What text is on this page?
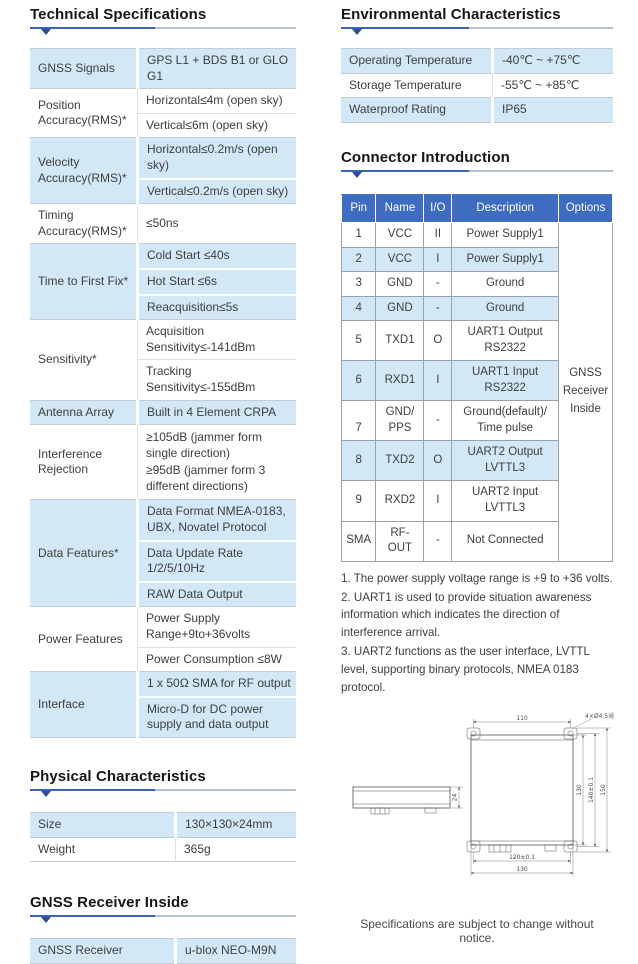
Technical Specifications
GNSS Signals	GPS L1 + BDS B1 or GLO G1
Position Accuracy(RMS)*	Horizontal≤4m (open sky)
	Vertical≤6m (open sky)
Velocity Accuracy(RMS)*	Horizontal≤0.2m/s (open sky)
	Vertical≤0.2m/s (open sky)
Timing Accuracy(RMS)*	≤50ns
Time to First Fix*	Cold Start ≤40s
	Hot Start ≤6s
	Reacquisition≤5s
Sensitivity*	Acquisition Sensitivity≤-141dBm
	Tracking Sensitivity≤-155dBm
Antenna Array	Built in 4 Element CRPA
Interference Rejection	≥105dB (jammer form single direction)
≥95dB (jammer form 3 different directions)

Data Features*	Data Format NMEA-0183, UBX, Novatel Protocol
	Data Update Rate 1/2/5/10Hz
	RAW Data Output
Power Features	Power Supply Range+9to+36volts
	Power Consumption ≤8W
Interface	1 x 50Ω SMA for RF output
	Micro-D for DC power supply and data output
Physical Characteristics
Size	130×130×24mm
Weight	365g
GNSS Receiver Inside
GNSS Receiver	u-blox NEO-M9N
Environmental Characteristics
Operating Temperature	-40℃ ~ +75℃
Storage Temperature	-55℃ ~ +85℃
Waterproof Rating	IP65
Connector Introduction
Pin	Name	I/O	Description	Options
1	VCC	II	Power Supply1	GNSS Receiver Inside
2	VCC	I	Power Supply1	
3	GND	-	Ground	
4	GND	-	Ground	
5	TXD1	O	UART1 Output RS2322	
6	RXD1	I	UART1 Input RS2322	
7	GND/ PPS	-	Ground(default)/ Time pulse	
8	TXD2	O	UART2 Output LVTTL3	
9	RXD2	I	UART2 Input LVTTL3	
SMA	RF-OUT	-	Not Connected	

1. The power supply voltage range is +9 to +36 volts.

2. UART1 is used to provide situation awareness information which indicates the direction of interference arrival.

3. UART2 functions as the user interface, LVTTL level, supporting binary protocols, NMEA 0183 protocol.

24
110	4×Ø4.5通
130 140±0.1 150
120±0.1
130
Specifications are subject to change without notice.
